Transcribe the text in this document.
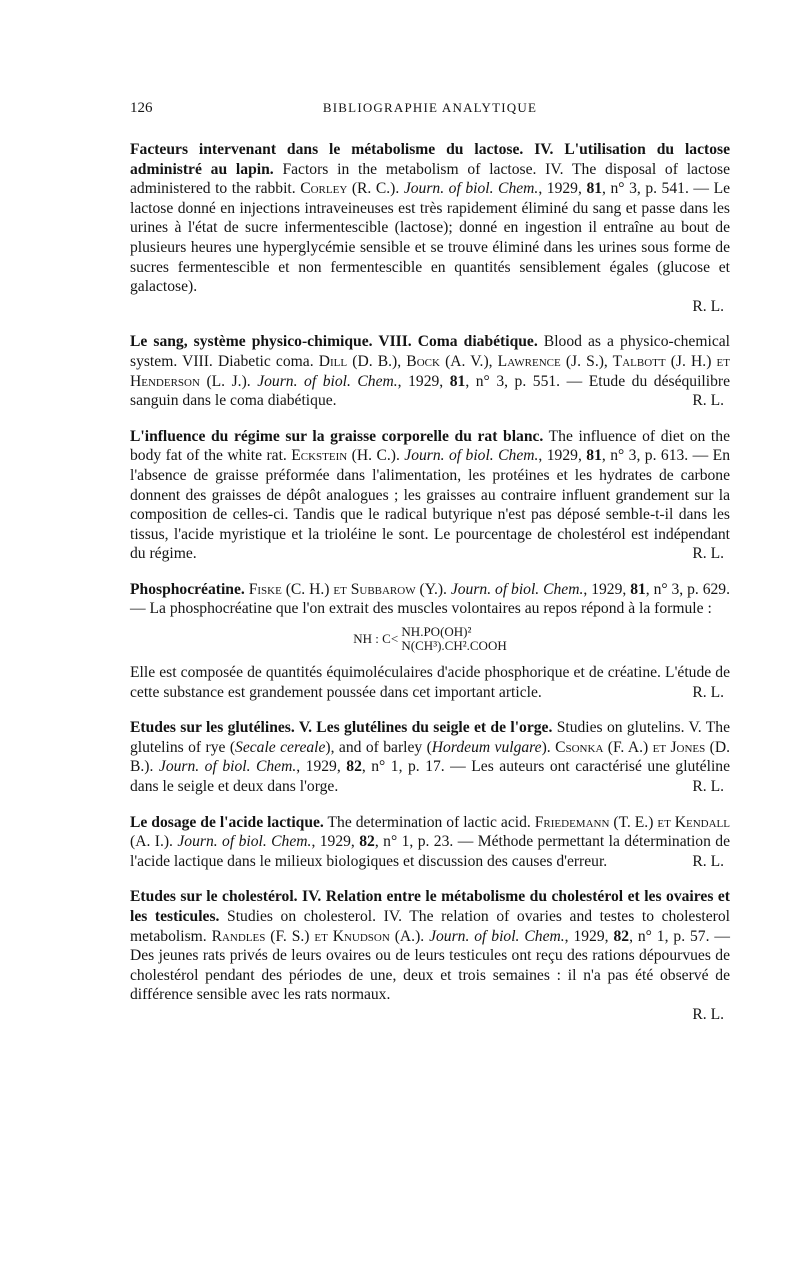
126	BIBLIOGRAPHIE ANALYTIQUE

Facteurs intervenant dans le métabolisme du lactose. IV. L'utilisation du lactose administré au lapin. Factors in the metabolism of lactose. IV. The disposal of lactose administered to the rabbit. Corley (R. C.). Journ. of biol. Chem., 1929, 81, n° 3, p. 541. — Le lactose donné en injections intraveineuses est très rapidement éliminé du sang et passe dans les urines à l'état de sucre infermentescible (lactose); donné en ingestion il entraîne au bout de plusieurs heures une hyperglycémie sensible et se trouve éliminé dans les urines sous forme de sucres fermentescible et non fermentescible en quantités sensiblement égales (glucose et galactose).

R. L.

Le sang, système physico-chimique. VIII. Coma diabétique. Blood as a physico-chemical system. VIII. Diabetic coma. Dill (D. B.), Bock (A. V.), Lawrence (J. S.), Talbott (J. H.) et Henderson (L. J.). Journ. of biol. Chem., 1929, 81, n° 3, p. 551. — Etude du déséquilibre sanguin dans le coma diabétique.	R. L.

L'influence du régime sur la graisse corporelle du rat blanc. The influence of diet on the body fat of the white rat. Eckstein (H. C.). Journ. of biol. Chem., 1929, 81, n° 3, p. 613. — En l'absence de graisse préformée dans l'alimentation, les protéines et les hydrates de carbone donnent des graisses de dépôt analogues ; les graisses au contraire influent grandement sur la composition de celles-ci. Tandis que le radical butyrique n'est pas déposé semble-t-il dans les tissus, l'acide myristique et la trioléine le sont. Le pourcentage de cholestérol est indépendant du régime.	R. L.

Phosphocréatine. Fiske (C. H.) et Subbarow (Y.). Journ. of biol. Chem., 1929, 81, n° 3, p. 629. — La phosphocréatine que l'on extrait des muscles volontaires au repos répond à la formule :

NH : C< NH.PO(OH)²
N(CH³).CH².COOH

Elle est composée de quantités équimoléculaires d'acide phosphorique et de créatine. L'étude de cette substance est grandement poussée dans cet important article.	R. L.

Etudes sur les glutélines. V. Les glutélines du seigle et de l'orge. Studies on glutelins. V. The glutelins of rye (Secale cereale), and of barley (Hordeum vulgare). Csonka (F. A.) et Jones (D. B.). Journ. of biol. Chem., 1929, 82, n° 1, p. 17. — Les auteurs ont caractérisé une glutéline dans le seigle et deux dans l'orge.	R. L.

Le dosage de l'acide lactique. The determination of lactic acid. Friedemann (T. E.) et Kendall (A. I.). Journ. of biol. Chem., 1929, 82, n° 1, p. 23. — Méthode permettant la détermination de l'acide lactique dans le milieux biologiques et discussion des causes d'erreur.	R. L.

Etudes sur le cholestérol. IV. Relation entre le métabolisme du cholestérol et les ovaires et les testicules. Studies on cholesterol. IV. The relation of ovaries and testes to cholesterol metabolism. Randles (F. S.) et Knudson (A.). Journ. of biol. Chem., 1929, 82, n° 1, p. 57. — Des jeunes rats privés de leurs ovaires ou de leurs testicules ont reçu des rations dépourvues de cholestérol pendant des périodes de une, deux et trois semaines : il n'a pas été observé de différence sensible avec les rats normaux.

R. L.
